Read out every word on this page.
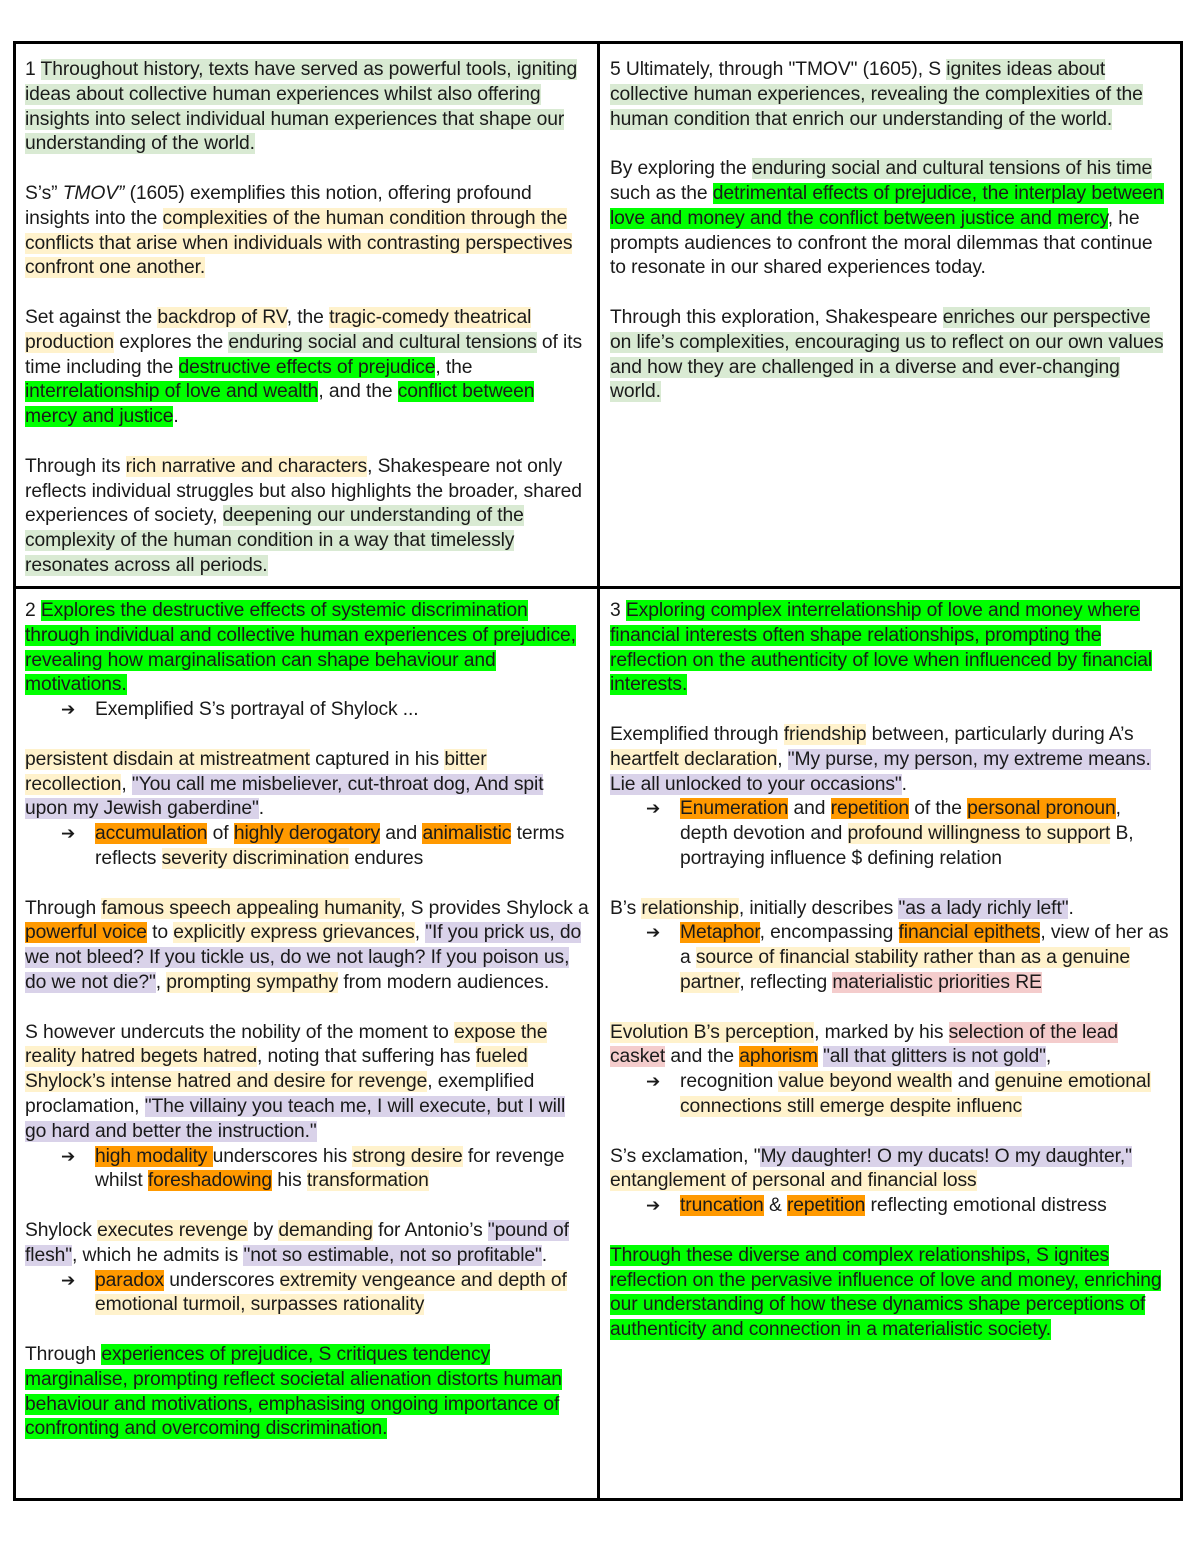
1 Throughout history, texts have served as powerful tools, igniting ideas about collective human experiences whilst also offering insights into select individual human experiences that shape our understanding of the world.

S’s” TMOV” (1605) exemplifies this notion, offering profound insights into the complexities of the human condition through the conflicts that arise when individuals with contrasting perspectives confront one another.

Set against the backdrop of RV, the tragic-comedy theatrical production explores the enduring social and cultural tensions of its time including the destructive effects of prejudice, the interrelationship of love and wealth, and the conflict between mercy and justice.

Through its rich narrative and characters, Shakespeare not only reflects individual struggles but also highlights the broader, shared experiences of society, deepening our understanding of the complexity of the human condition in a way that timelessly resonates across all periods.

5 Ultimately, through "TMOV" (1605), S ignites ideas about collective human experiences, revealing the complexities of the human condition that enrich our understanding of the world.

By exploring the enduring social and cultural tensions of his time such as the detrimental effects of prejudice, the interplay between love and money and the conflict between justice and mercy, he prompts audiences to confront the moral dilemmas that continue to resonate in our shared experiences today.

Through this exploration, Shakespeare enriches our perspective on life’s complexities, encouraging us to reflect on our own values and how they are challenged in a diverse and ever-changing world.

2 Explores the destructive effects of systemic discrimination through individual and collective human experiences of prejudice, revealing how marginalisation can shape behaviour and motivations.

➔ Exemplified S’s portrayal of Shylock ...

persistent disdain at mistreatment captured in his bitter recollection, "You call me misbeliever, cut-throat dog, And spit upon my Jewish gaberdine".

➔ accumulation of highly derogatory and animalistic terms reflects severity discrimination endures

Through famous speech appealing humanity, S provides Shylock a powerful voice to explicitly express grievances, "If you prick us, do we not bleed? If you tickle us, do we not laugh? If you poison us, do we not die?", prompting sympathy from modern audiences.

S however undercuts the nobility of the moment to expose the reality hatred begets hatred, noting that suffering has fueled Shylock’s intense hatred and desire for revenge, exemplified proclamation, "The villainy you teach me, I will execute, but I will go hard and better the instruction."

➔ high modality underscores his strong desire for revenge whilst foreshadowing his transformation

Shylock executes revenge by demanding for Antonio’s "pound of flesh", which he admits is "not so estimable, not so profitable".

➔ paradox underscores extremity vengeance and depth of emotional turmoil, surpasses rationality

Through experiences of prejudice, S critiques tendency marginalise, prompting reflect societal alienation distorts human behaviour and motivations, emphasising ongoing importance of confronting and overcoming discrimination.

3 Exploring complex interrelationship of love and money where financial interests often shape relationships, prompting the reflection on the authenticity of love when influenced by financial interests.

Exemplified through friendship between, particularly during A’s heartfelt declaration, "My purse, my person, my extreme means. Lie all unlocked to your occasions".

➔ Enumeration and repetition of the personal pronoun, depth devotion and profound willingness to support B, portraying influence $ defining relation

B’s relationship, initially describes "as a lady richly left".

➔ Metaphor, encompassing financial epithets, view of her as a source of financial stability rather than as a genuine partner, reflecting materialistic priorities RE

Evolution B’s perception, marked by his selection of the lead casket and the aphorism "all that glitters is not gold",

➔ recognition value beyond wealth and genuine emotional connections still emerge despite influenc

S’s exclamation, "My daughter! O my ducats! O my daughter," entanglement of personal and financial loss

➔ truncation & repetition reflecting emotional distress

Through these diverse and complex relationships, S ignites reflection on the pervasive influence of love and money, enriching our understanding of how these dynamics shape perceptions of authenticity and connection in a materialistic society.
